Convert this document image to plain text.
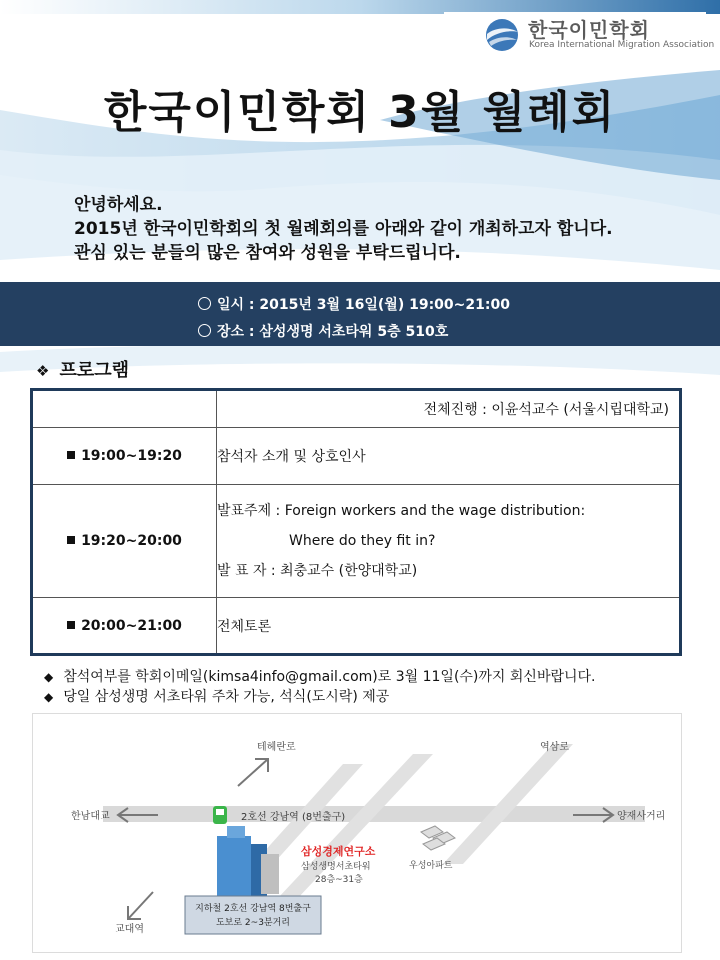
한국이민학회
Korea International Migration Association
한국이민학회 3월 월례회
안녕하세요.
2015년 한국이민학회의 첫 월례회의를 아래와 같이 개최하고자 합니다.
관심 있는 분들의 많은 참여와 성원을 부탁드립니다.
일시 : 2015년 3월 16일(월) 19:00~21:00
장소 : 삼성생명 서초타워 5층 510호
❖ 프로그램
	전체진행 : 이윤석교수 (서울시립대학교)
19:00~19:20	참석자 소개 및 상호인사
19:20~20:00	발표주제 : Foreign workers and the wage distribution:
Where do they fit in?
발 표 자 : 최충교수 (한양대학교)

20:00~21:00	전체토론
◆ 참석여부를 학회이메일(kimsa4info@gmail.com)로 3월 11일(수)까지 회신바랍니다.
◆ 당일 삼성생명 서초타워 주차 가능, 석식(도시락) 제공
테헤란로	역삼로
한남대교	양재사거리
교대역
2호선 강남역 (8번출구)
삼성경제연구소
삼성생명서초타워
28층~31층
우성아파트
지하철 2호선 강남역 8번출구
도보로 2~3분거리
